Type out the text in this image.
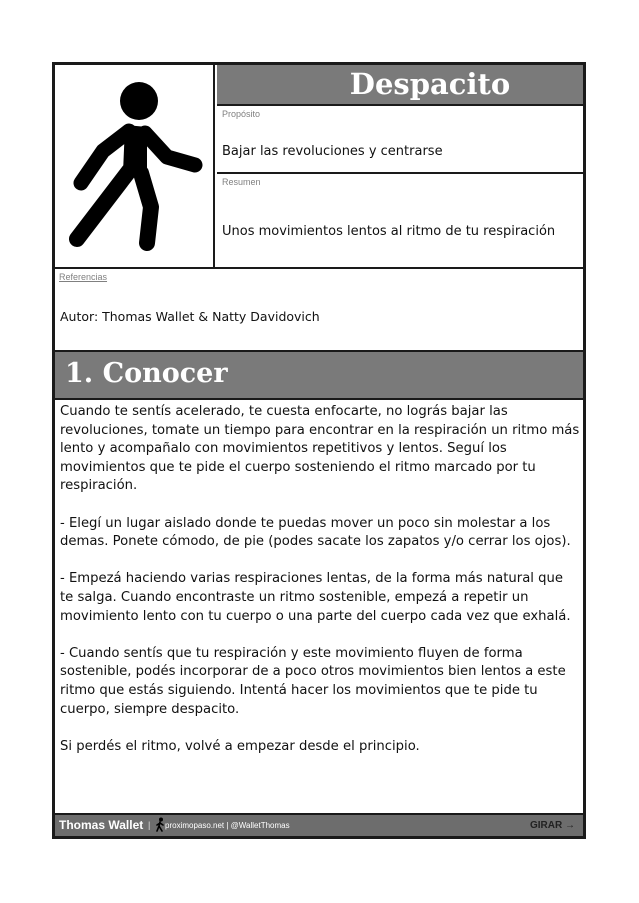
Despacito
Propósito
Bajar las revoluciones y centrarse
Resumen
Unos movimientos lentos al ritmo de tu respiración
Referencias
Autor: Thomas Wallet & Natty Davidovich
1. Conocer

Cuando te sentís acelerado, te cuesta enfocarte, no lográs bajar las revoluciones, tomate un tiempo para encontrar en la respiración un ritmo más lento y acompañalo con movimientos repetitivos y lentos. Seguí los movimientos que te pide el cuerpo sosteniendo el ritmo marcado por tu respiración.

- Elegí un lugar aislado donde te puedas mover un poco sin molestar a los demas. Ponete cómodo, de pie (podes sacate los zapatos y/o cerrar los ojos).

- Empezá haciendo varias respiraciones lentas, de la forma más natural que te salga. Cuando encontraste un ritmo sostenible, empezá a repetir un movimiento lento con tu cuerpo o una parte del cuerpo cada vez que exhalá.

- Cuando sentís que tu respiración y este movimiento fluyen de forma sostenible, podés incorporar de a poco otros movimientos bien lentos a este ritmo que estás siguiendo. Intentá hacer los movimientos que te pide tu cuerpo, siempre despacito.

Si perdés el ritmo, volvé a empezar desde el principio.

Thomas Wallet | proximopaso.net | @WalletThomas	GIRAR →
